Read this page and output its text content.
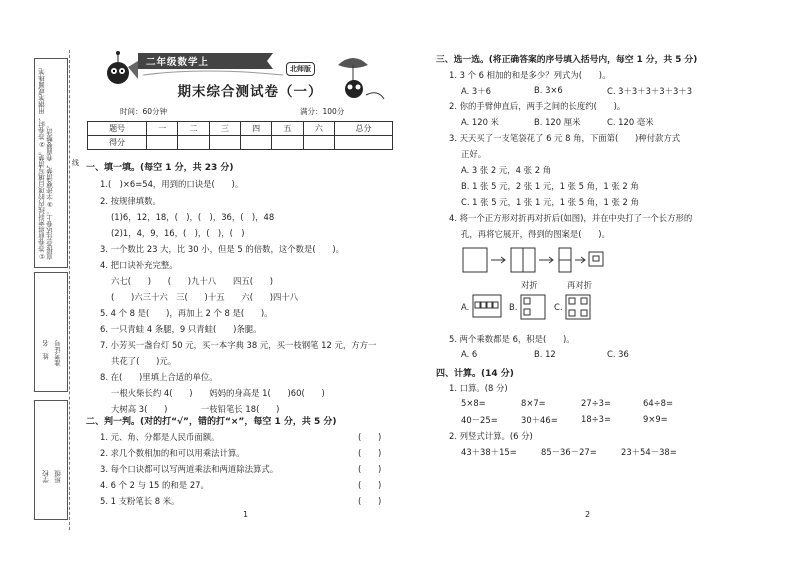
①答卷前将密封线内的项目填写清楚。②答卷时，用钢笔或圆珠笔直接答在试卷上。③字迹要清楚，卷面要整洁。
姓　名 准考证号
学校 班级
线
二年级数学上
北师版
期末综合测试卷（一）
时间：60分钟	满分：100分
题号	一	二	三	四	五	六	总分
得分							
一、填一填。(每空 1 分，共 23 分)
1.(　)×6=54，用到的口诀是(　　)。
2. 按规律填数。
(1)6，12，18，(　)，(　)，36，(　)，48
(2)1，4，9，16，(　)，(　)，(　)
3. 一个数比 23 大，比 30 小，但是 5 的倍数，这个数是(　　)。
4. 把口诀补充完整。
六七(　　)　　(　　)九十八　　四五(　　)
(　　)六三十六　三(　　)十五　　六(　　)四十八
5. 4 个 8 是(　　)，再加上 2 个 8 是(　　)。
6. 一只青蛙 4 条腿，9 只青蛙(　　)条腿。
7. 小芳买一盏台灯 50 元，买一本字典 38 元，买一枝钢笔 12 元，方方一
共花了(　　)元。
8. 在(　　)里填上合适的单位。
一根火柴长约 4(　　)　　妈妈的身高是 1(　　)60(　　)
大树高 3(　　)　　　　一枝铅笔长 18(　　)
二、判一判。(对的打“√”，错的打“×”，每空 1 分，共 5 分)
1. 元、角、分都是人民币面额。	(　　)
2. 求几个数相加的和可以用乘法计算。	(　　)
3. 每个口诀都可以写两道乘法和两道除法算式。	(　　)
4. 6 个 2 与 15 的和是 27。	(　　)
5. 1 支粉笔长 8 米。	(　　)
1
三、选一选。(将正确答案的序号填入括号内，每空 1 分，共 5 分)
1. 3 个 6 相加的和是多少？列式为(　　)。
A. 3＋6	B. 3×6	C. 3＋3＋3＋3＋3＋3
2. 你的手臂伸直后，两手之间的长度约(　　)。
A. 120 米	B. 120 厘米	C. 120 毫米
3. 天天买了一支笔袋花了 6 元 8 角，下面第(　　)种付款方式
正好。
A. 3 张 2 元，4 张 2 角
B. 1 张 5 元，2 张 1 元，1 张 5 角，1 张 2 角
C. 1 张 5 元，1 张 1 元，1 张 5 角，1 张 2 角
4. 将一个正方形对折再对折后(如图)，并在中央打了一个长方形的
孔，再将它展开，得到的图案是(　　)。
对折	再对折
A.	B.	C.
5. 两个乘数都是 6，积是(　　)。
A. 6	B. 12	C. 36
四、计算。(14 分)
1. 口算。(8 分)
5×8=	8×7=	27÷3=	64÷8=
40－25=	30＋46=	18÷3=	9×9=
2. 列竖式计算。(6 分)
43＋38＋15=	85－36－27=	23＋54－38=
2
